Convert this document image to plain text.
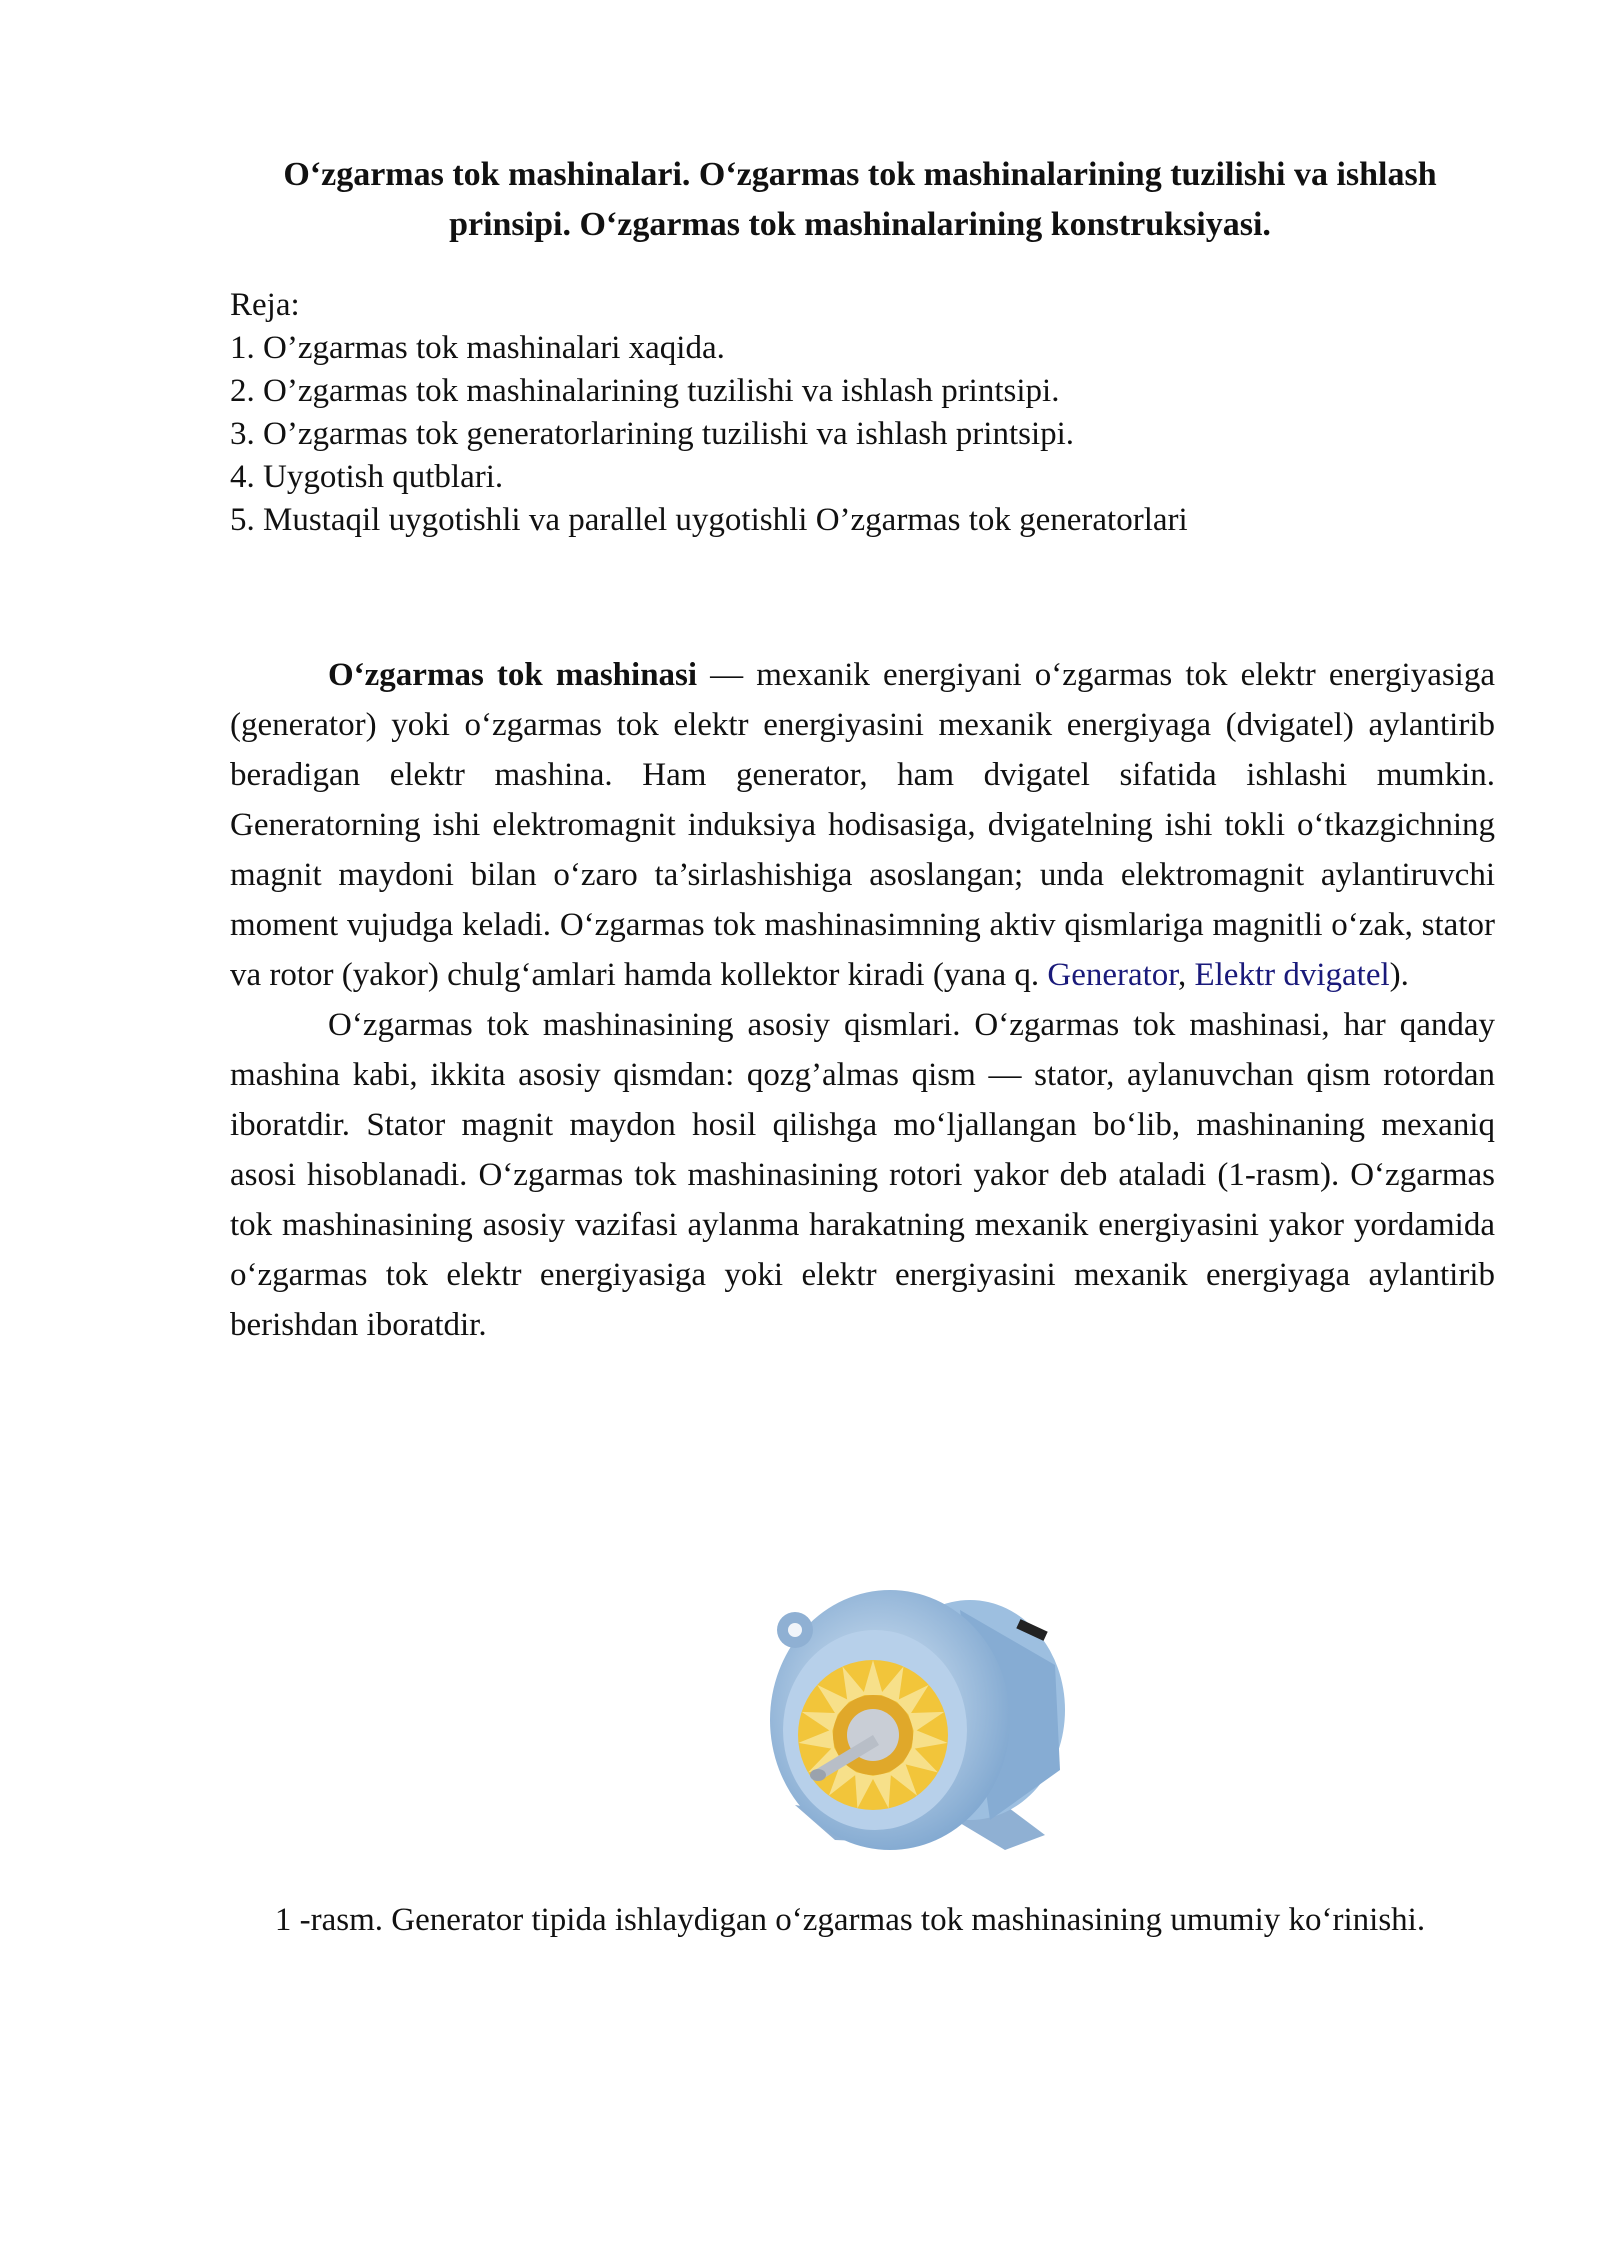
O‘zgarmas tok mashinalari. O‘zgarmas tok mashinalarining tuzilishi va ishlash prinsipi. O‘zgarmas tok mashinalarining konstruksiyasi.
Reja:
1. O’zgarmas tok mashinalari xaqida.
2. O’zgarmas tok mashinalarining tuzilishi va ishlash printsipi.
3. O’zgarmas tok generatorlarining tuzilishi va ishlash printsipi.
4. Uygotish qutblari.
5. Mustaqil uygotishli va parallel uygotishli O’zgarmas tok generatorlari

O‘zgarmas tok mashinasi — mexanik energiyani o‘zgarmas tok elektr energiyasiga (generator) yoki o‘zgarmas tok elektr energiyasini mexanik energiyaga (dvigatel) aylantirib beradigan elektr mashina. Ham generator, ham dvigatel sifatida ishlashi mumkin. Generatorning ishi elektromagnit induksiya hodisasiga, dvigatelning ishi tokli o‘tkazgichning magnit maydoni bilan o‘zaro ta’sirlashishiga asoslangan; unda elektromagnit aylantiruvchi moment vujudga keladi. O‘zgarmas tok mashinasimning aktiv qismlariga magnitli o‘zak, stator va rotor (yakor) chulg‘amlari hamda kollektor kiradi (yana q. Generator, Elektr dvigatel).

O‘zgarmas tok mashinasining asosiy qismlari. O‘zgarmas tok mashinasi, har qanday mashina kabi, ikkita asosiy qismdan: qozg’almas qism — stator, aylanuvchan qism rotordan iboratdir. Stator magnit maydon hosil qilishga mo‘ljallangan bo‘lib, mashinaning mexaniq asosi hisoblanadi. O‘zgarmas tok mashinasining rotori yakor deb ataladi (1-rasm). O‘zgarmas tok mashinasining asosiy vazifasi aylanma harakatning mexanik energiyasini yakor yordamida o‘zgarmas tok elektr energiyasiga yoki elektr energiyasini mexanik energiyaga aylantirib berishdan iboratdir.

1 -rasm. Generator tipida ishlaydigan o‘zgarmas tok mashinasining umumiy ko‘rinishi.
